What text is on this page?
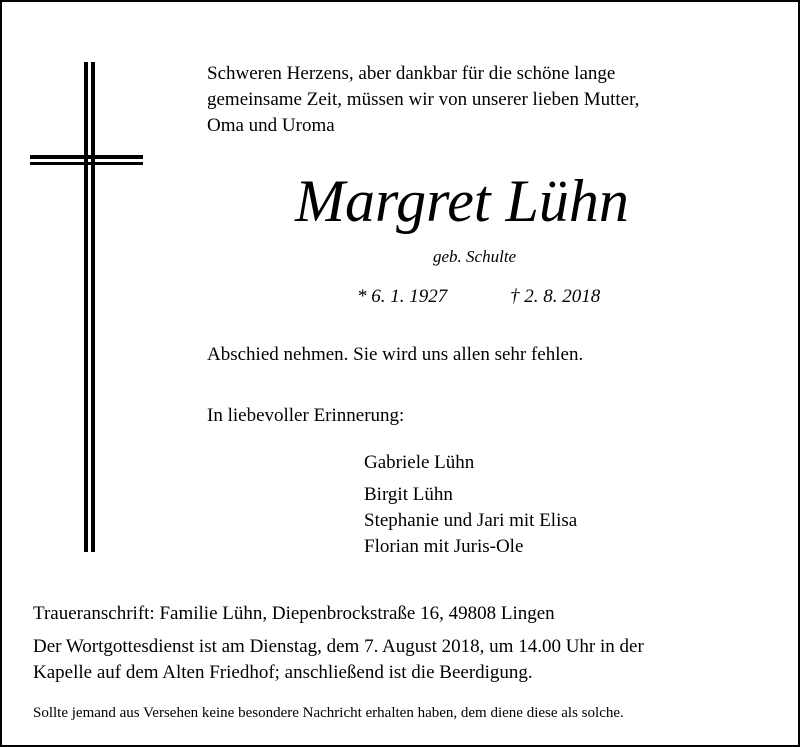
Schweren Herzens, aber dankbar für die schöne lange
gemeinsame Zeit, müssen wir von unserer lieben Mutter,
Oma und Uroma
Margret Lühn
geb. Schulte
* 6. 1. 1927	† 2. 8. 2018
Abschied nehmen. Sie wird uns allen sehr fehlen.
In liebevoller Erinnerung:
Gabriele Lühn
Birgit Lühn
Stephanie und Jari mit Elisa
Florian mit Juris-Ole
Traueranschrift: Familie Lühn, Diepenbrockstraße 16, 49808 Lingen
Der Wortgottesdienst ist am Dienstag, dem 7. August 2018, um 14.00 Uhr in der
Kapelle auf dem Alten Friedhof; anschließend ist die Beerdigung.
Sollte jemand aus Versehen keine besondere Nachricht erhalten haben, dem diene diese als solche.
